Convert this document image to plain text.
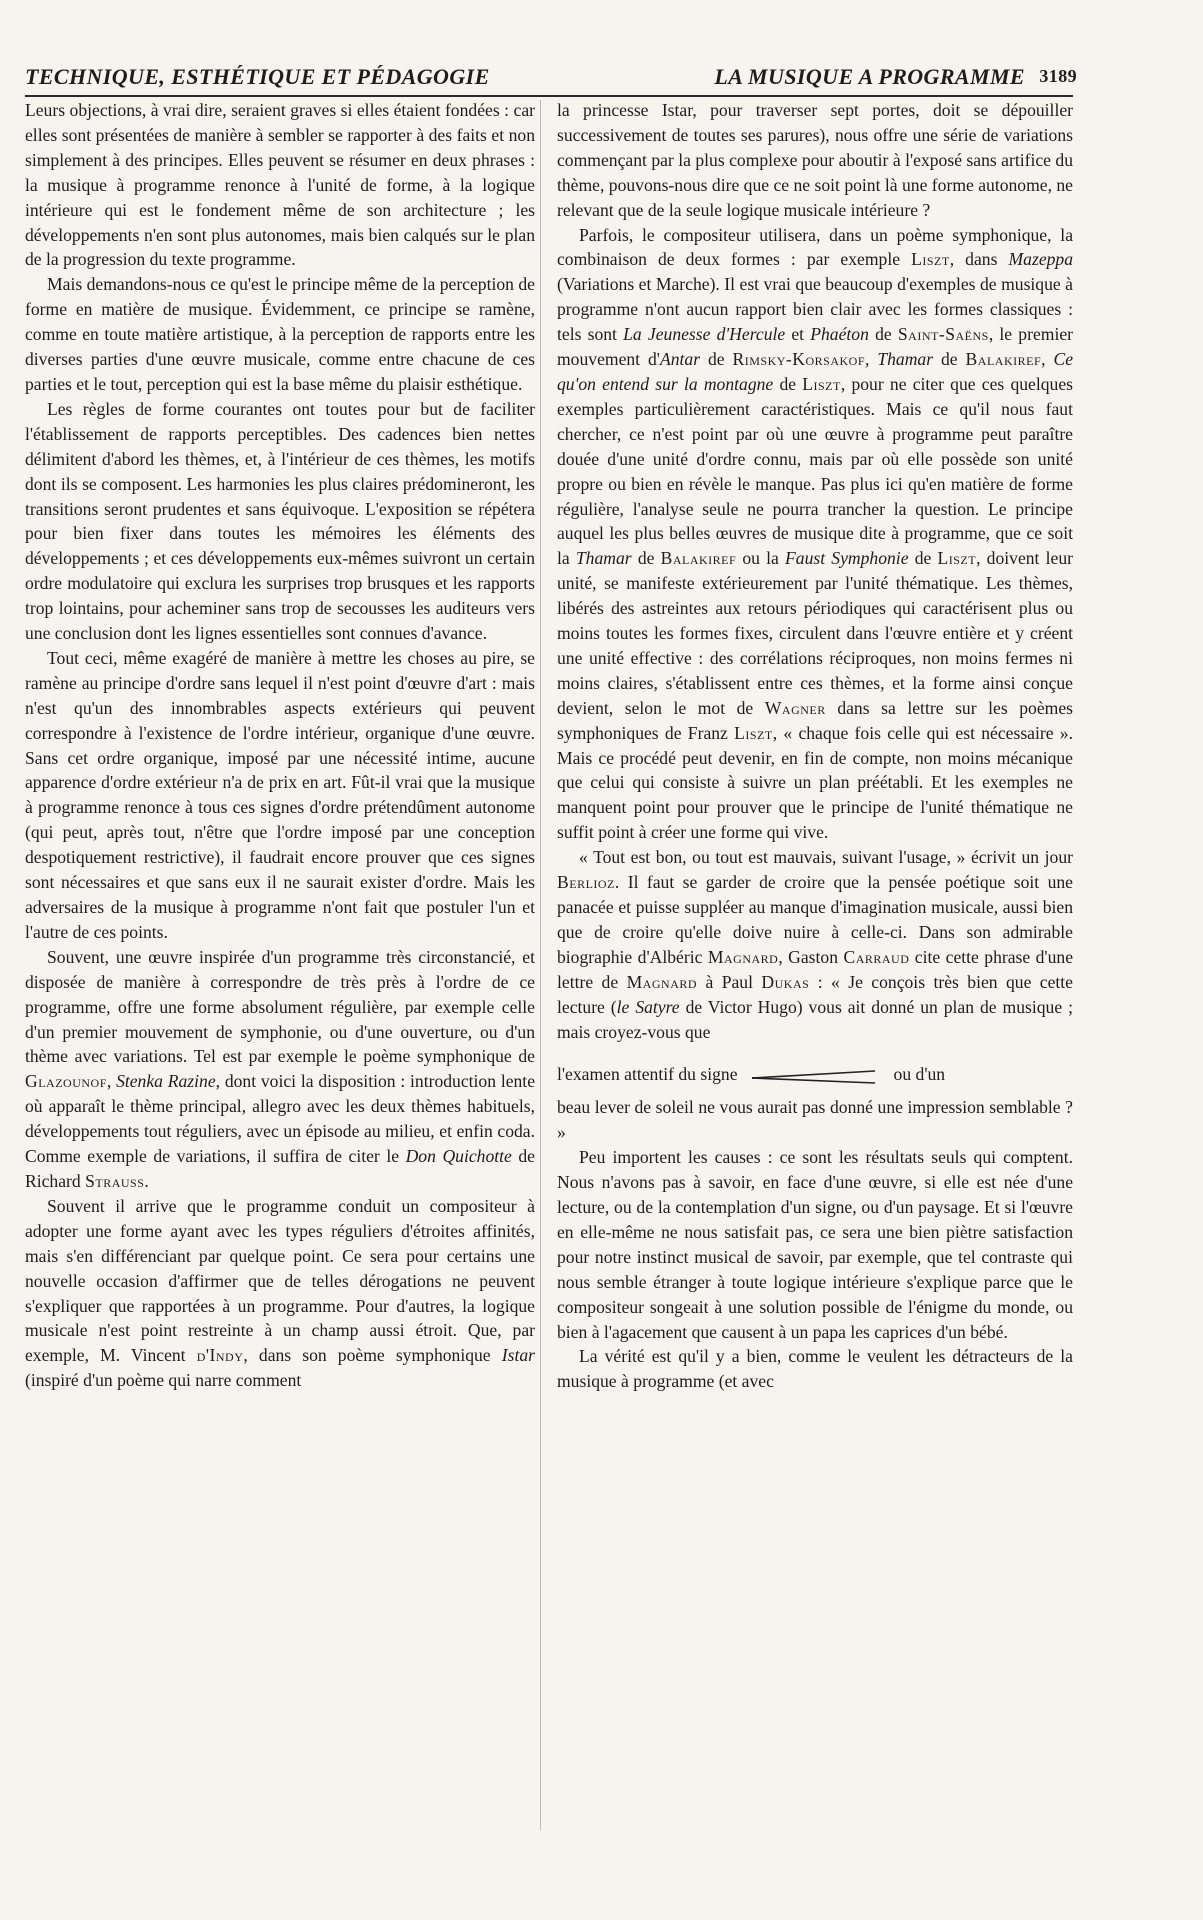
TECHNIQUE, ESTHÉTIQUE ET PÉDAGOGIE	LA MUSIQUE A PROGRAMME 3189

Leurs objections, à vrai dire, seraient graves si elles étaient fondées : car elles sont présentées de manière à sembler se rapporter à des faits et non simplement à des principes. Elles peuvent se résumer en deux phrases : la musique à programme renonce à l'unité de forme, à la logique intérieure qui est le fondement même de son architecture ; les développements n'en sont plus autonomes, mais bien calqués sur le plan de la progression du texte programme.

Mais demandons-nous ce qu'est le principe même de la perception de forme en matière de musique. Évidemment, ce principe se ramène, comme en toute matière artistique, à la perception de rapports entre les diverses parties d'une œuvre musicale, comme entre chacune de ces parties et le tout, perception qui est la base même du plaisir esthétique.

Les règles de forme courantes ont toutes pour but de faciliter l'établissement de rapports perceptibles. Des cadences bien nettes délimitent d'abord les thèmes, et, à l'intérieur de ces thèmes, les motifs dont ils se composent. Les harmonies les plus claires prédomineront, les transitions seront prudentes et sans équivoque. L'exposition se répétera pour bien fixer dans toutes les mémoires les éléments des développements ; et ces développements eux-mêmes suivront un certain ordre modulatoire qui exclura les surprises trop brusques et les rapports trop lointains, pour acheminer sans trop de secousses les auditeurs vers une conclusion dont les lignes essentielles sont connues d'avance.

Tout ceci, même exagéré de manière à mettre les choses au pire, se ramène au principe d'ordre sans lequel il n'est point d'œuvre d'art : mais n'est qu'un des innombrables aspects extérieurs qui peuvent correspondre à l'existence de l'ordre intérieur, organique d'une œuvre. Sans cet ordre organique, imposé par une nécessité intime, aucune apparence d'ordre extérieur n'a de prix en art. Fût-il vrai que la musique à programme renonce à tous ces signes d'ordre prétendûment autonome (qui peut, après tout, n'être que l'ordre imposé par une conception despotiquement restrictive), il faudrait encore prouver que ces signes sont nécessaires et que sans eux il ne saurait exister d'ordre. Mais les adversaires de la musique à programme n'ont fait que postuler l'un et l'autre de ces points.

Souvent, une œuvre inspirée d'un programme très circonstancié, et disposée de manière à correspondre de très près à l'ordre de ce programme, offre une forme absolument régulière, par exemple celle d'un premier mouvement de symphonie, ou d'une ouverture, ou d'un thème avec variations. Tel est par exemple le poème symphonique de Glazounof, Stenka Razine, dont voici la disposition : introduction lente où apparaît le thème principal, allegro avec les deux thèmes habituels, développements tout réguliers, avec un épisode au milieu, et enfin coda. Comme exemple de variations, il suffira de citer le Don Quichotte de Richard Strauss.

Souvent il arrive que le programme conduit un compositeur à adopter une forme ayant avec les types réguliers d'étroites affinités, mais s'en différenciant par quelque point. Ce sera pour certains une nouvelle occasion d'affirmer que de telles dérogations ne peuvent s'expliquer que rapportées à un programme. Pour d'autres, la logique musicale n'est point restreinte à un champ aussi étroit. Que, par exemple, M. Vincent d'Indy, dans son poème symphonique Istar (inspiré d'un poème qui narre comment

la princesse Istar, pour traverser sept portes, doit se dépouiller successivement de toutes ses parures), nous offre une série de variations commençant par la plus complexe pour aboutir à l'exposé sans artifice du thème, pouvons-nous dire que ce ne soit point là une forme autonome, ne relevant que de la seule logique musicale intérieure ?

Parfois, le compositeur utilisera, dans un poème symphonique, la combinaison de deux formes : par exemple Liszt, dans Mazeppa (Variations et Marche). Il est vrai que beaucoup d'exemples de musique à programme n'ont aucun rapport bien clair avec les formes classiques : tels sont La Jeunesse d'Hercule et Phaéton de Saint-Saëns, le premier mouvement d'Antar de Rimsky-Korsakof, Thamar de Balakiref, Ce qu'on entend sur la montagne de Liszt, pour ne citer que ces quelques exemples particulièrement caractéristiques. Mais ce qu'il nous faut chercher, ce n'est point par où une œuvre à programme peut paraître douée d'une unité d'ordre connu, mais par où elle possède son unité propre ou bien en révèle le manque. Pas plus ici qu'en matière de forme régulière, l'analyse seule ne pourra trancher la question. Le principe auquel les plus belles œuvres de musique dite à programme, que ce soit la Thamar de Balakiref ou la Faust Symphonie de Liszt, doivent leur unité, se manifeste extérieurement par l'unité thématique. Les thèmes, libérés des astreintes aux retours périodiques qui caractérisent plus ou moins toutes les formes fixes, circulent dans l'œuvre entière et y créent une unité effective : des corrélations réciproques, non moins fermes ni moins claires, s'établissent entre ces thèmes, et la forme ainsi conçue devient, selon le mot de Wagner dans sa lettre sur les poèmes symphoniques de Franz Liszt, « chaque fois celle qui est nécessaire ». Mais ce procédé peut devenir, en fin de compte, non moins mécanique que celui qui consiste à suivre un plan préétabli. Et les exemples ne manquent point pour prouver que le principe de l'unité thématique ne suffit point à créer une forme qui vive.

« Tout est bon, ou tout est mauvais, suivant l'usage, » écrivit un jour Berlioz. Il faut se garder de croire que la pensée poétique soit une panacée et puisse suppléer au manque d'imagination musicale, aussi bien que de croire qu'elle doive nuire à celle-ci. Dans son admirable biographie d'Albéric Magnard, Gaston Carraud cite cette phrase d'une lettre de Magnard à Paul Dukas : « Je conçois très bien que cette lecture (le Satyre de Victor Hugo) vous ait donné un plan de musique ; mais croyez-vous que

l'examen attentif du signe	ou d'un

beau lever de soleil ne vous aurait pas donné une impression semblable ? »

Peu importent les causes : ce sont les résultats seuls qui comptent. Nous n'avons pas à savoir, en face d'une œuvre, si elle est née d'une lecture, ou de la contemplation d'un signe, ou d'un paysage. Et si l'œuvre en elle-même ne nous satisfait pas, ce sera une bien piètre satisfaction pour notre instinct musical de savoir, par exemple, que tel contraste qui nous semble étranger à toute logique intérieure s'explique parce que le compositeur songeait à une solution possible de l'énigme du monde, ou bien à l'agacement que causent à un papa les caprices d'un bébé.

La vérité est qu'il y a bien, comme le veulent les détracteurs de la musique à programme (et avec
